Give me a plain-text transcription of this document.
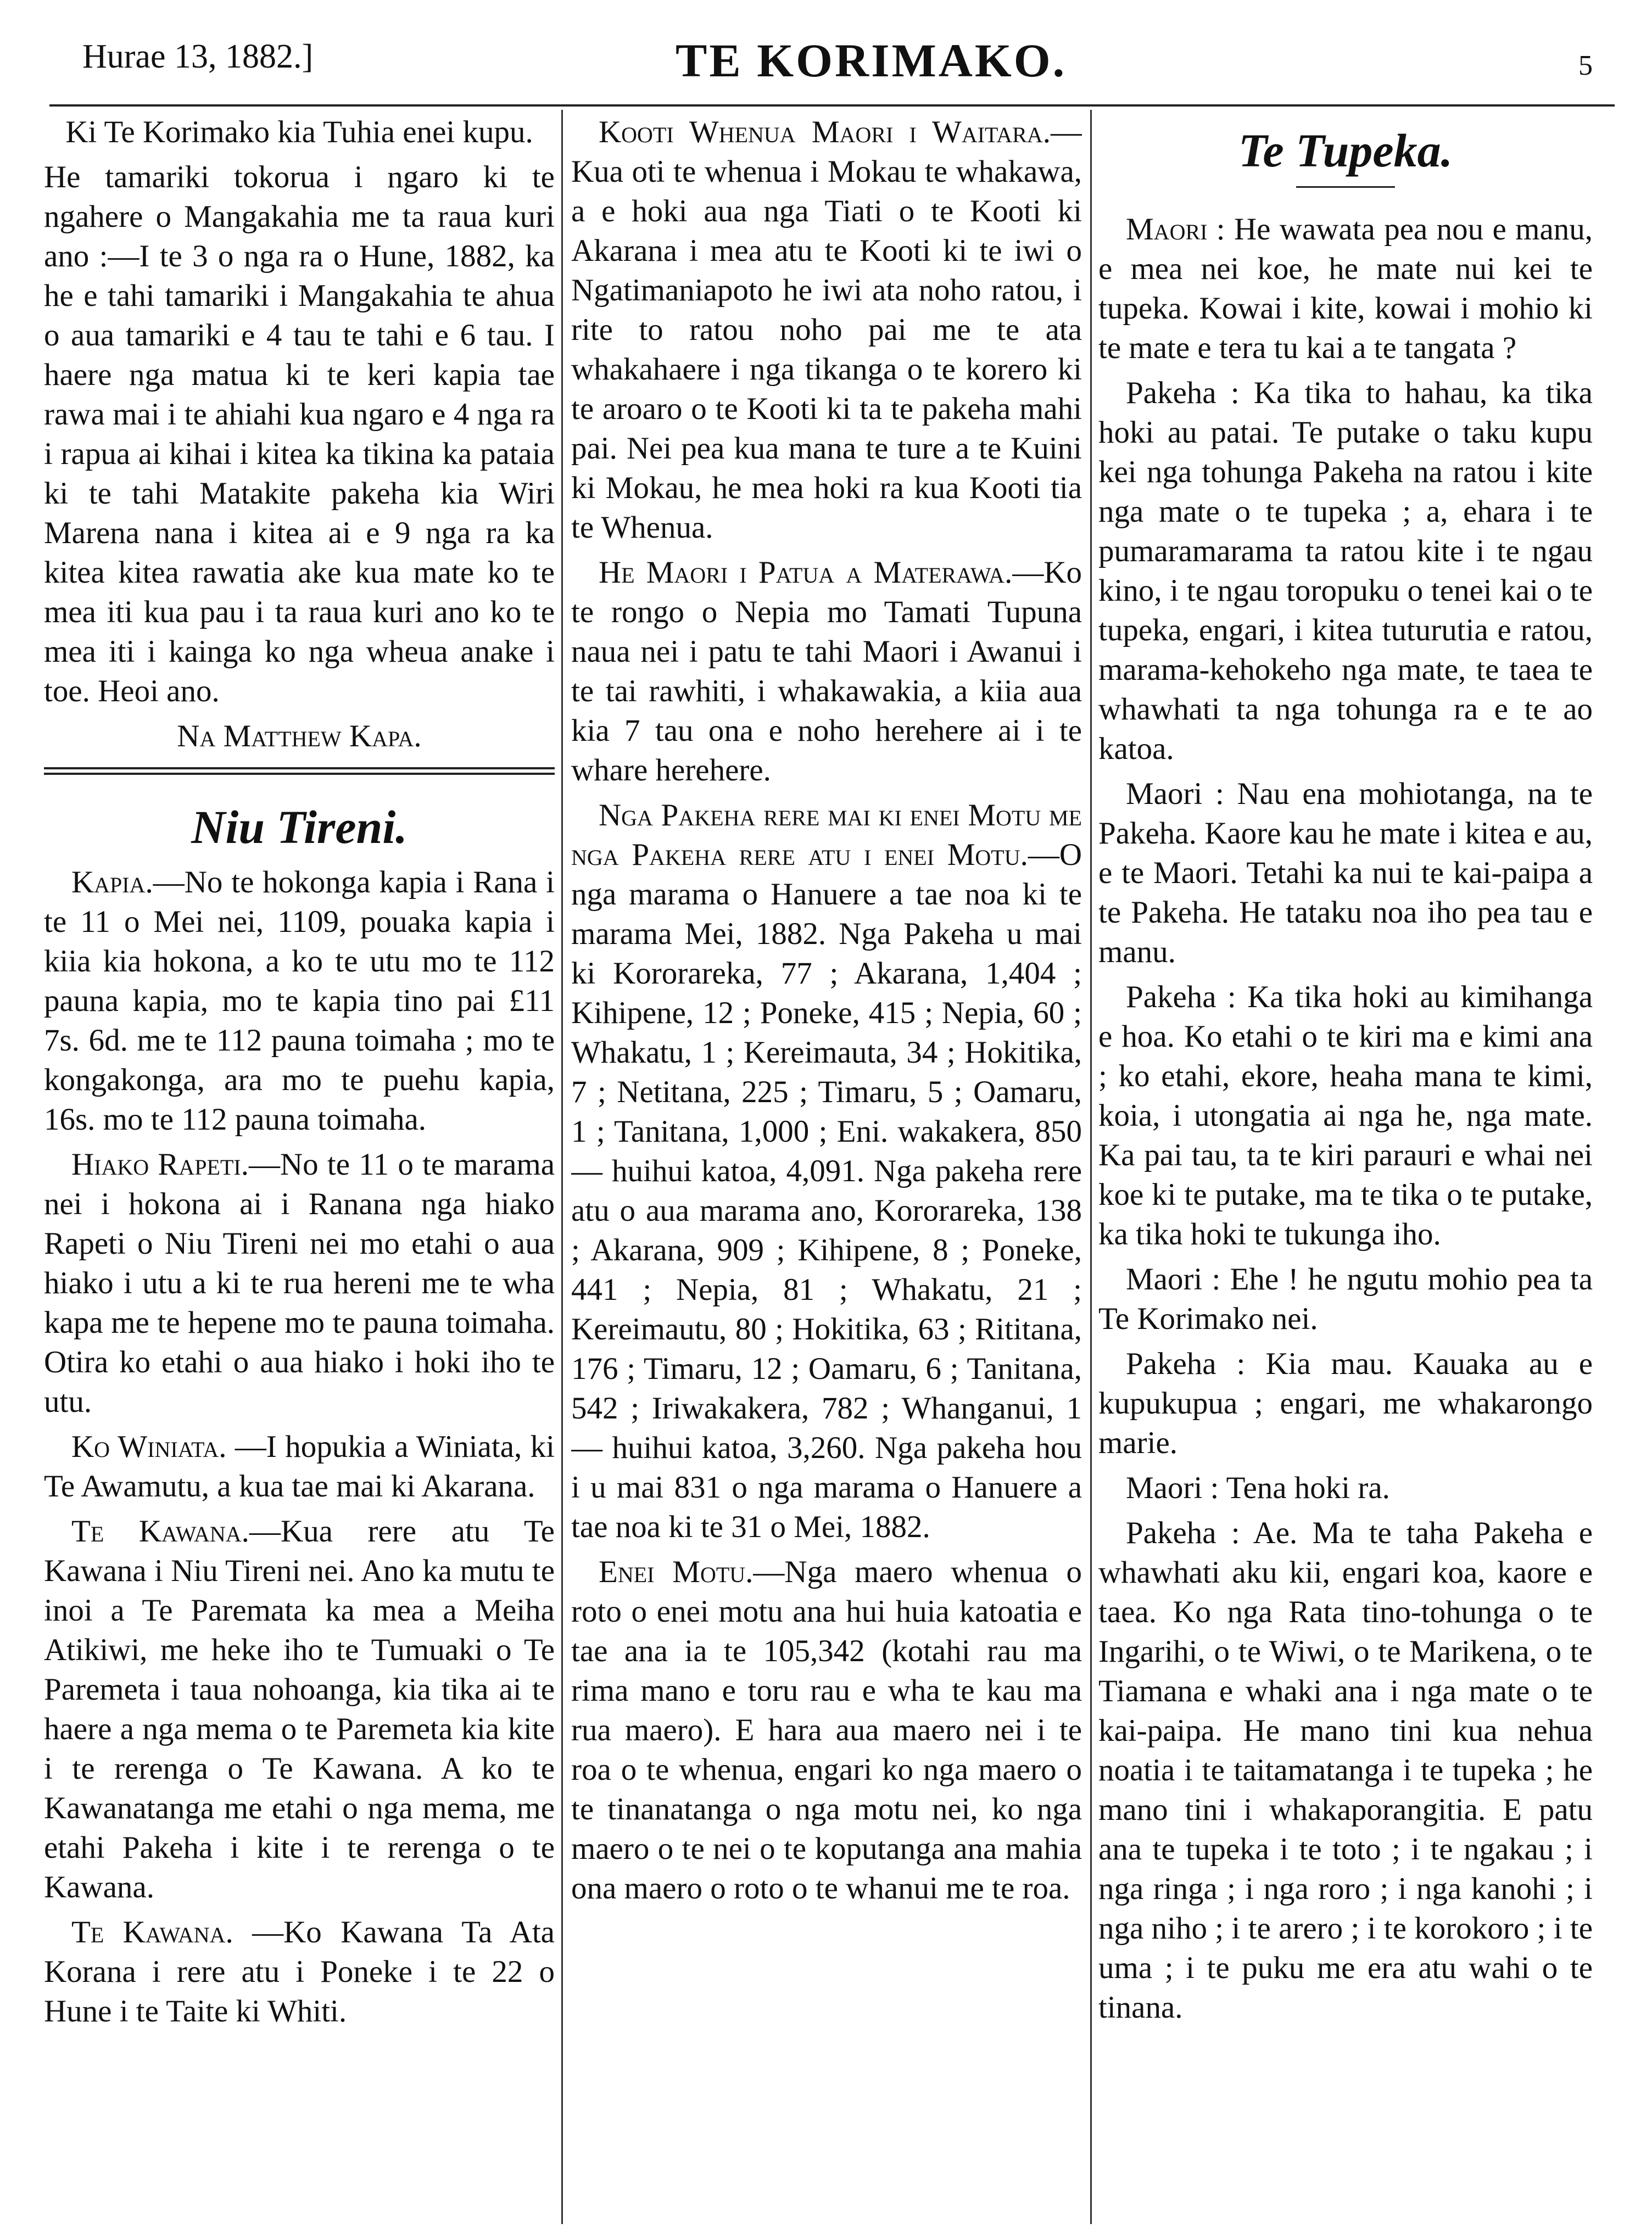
Hurae 13, 1882.]	TE KORIMAKO.	5

Ki Te Korimako kia Tuhia enei kupu.

He tamariki tokorua i ngaro ki te ngahere o Mangakahia me ta raua kuri ano :—I te 3 o nga ra o Hune, 1882, ka he e tahi tamariki i Mangakahia te ahua o aua tamariki e 4 tau te tahi e 6 tau. I haere nga matua ki te keri kapia tae rawa mai i te ahiahi kua ngaro e 4 nga ra i rapua ai kihai i kitea ka tikina ka pataia ki te tahi Matakite pakeha kia Wiri Marena nana i kitea ai e 9 nga ra ka kitea kitea rawatia ake kua mate ko te mea iti kua pau i ta raua kuri ano ko te mea iti i kainga ko nga wheua anake i toe. Heoi ano.

Na Matthew Kapa.

Niu Tireni.

Kapia.—No te hokonga kapia i Rana i te 11 o Mei nei, 1109, pouaka kapia i kiia kia hokona, a ko te utu mo te 112 pauna kapia, mo te kapia tino pai £11 7s. 6d. me te 112 pauna toimaha ; mo te kongakonga, ara mo te puehu kapia, 16s. mo te 112 pauna toimaha.

Hiako Rapeti.—No te 11 o te marama nei i hokona ai i Ranana nga hiako Rapeti o Niu Tireni nei mo etahi o aua hiako i utu a ki te rua hereni me te wha kapa me te hepene mo te pauna toimaha. Otira ko etahi o aua hiako i hoki iho te utu.

Ko Winiata. —I hopukia a Winiata, ki Te Awamutu, a kua tae mai ki Akarana.

Te Kawana.—Kua rere atu Te Kawana i Niu Tireni nei. Ano ka mutu te inoi a Te Paremata ka mea a Meiha Atikiwi, me heke iho te Tumuaki o Te Paremeta i taua nohoanga, kia tika ai te haere a nga mema o te Paremeta kia kite i te rerenga o Te Kawana. A ko te Kawanatanga me etahi o nga mema, me etahi Pakeha i kite i te rerenga o te Kawana.

Te Kawana. —Ko Kawana Ta Ata Korana i rere atu i Poneke i te 22 o Hune i te Taite ki Whiti.

Kooti Whenua Maori i Waitara.—Kua oti te whenua i Mokau te whakawa, a e hoki aua nga Tiati o te Kooti ki Akarana i mea atu te Kooti ki te iwi o Ngatimaniapoto he iwi ata noho ratou, i rite to ratou noho pai me te ata whakahaere i nga tikanga o te korero ki te aroaro o te Kooti ki ta te pakeha mahi pai. Nei pea kua mana te ture a te Kuini ki Mokau, he mea hoki ra kua Kooti tia te Whenua.

He Maori i Patua a Materawa.—Ko te rongo o Nepia mo Tamati Tupuna naua nei i patu te tahi Maori i Awanui i te tai rawhiti, i whakawakia, a kiia aua kia 7 tau ona e noho herehere ai i te whare herehere.

Nga Pakeha rere mai ki enei Motu me nga Pakeha rere atu i enei Motu.—O nga marama o Hanuere a tae noa ki te marama Mei, 1882. Nga Pakeha u mai ki Kororareka, 77 ; Akarana, 1,404 ; Kihipene, 12 ; Poneke, 415 ; Nepia, 60 ; Whakatu, 1 ; Kereimauta, 34 ; Hokitika, 7 ; Netitana, 225 ; Timaru, 5 ; Oamaru, 1 ; Tanitana, 1,000 ; Eni. wakakera, 850 — huihui katoa, 4,091. Nga pakeha rere atu o aua marama ano, Kororareka, 138 ; Akarana, 909 ; Kihipene, 8 ; Poneke, 441 ; Nepia, 81 ; Whakatu, 21 ; Kereimautu, 80 ; Hokitika, 63 ; Rititana, 176 ; Timaru, 12 ; Oamaru, 6 ; Tanitana, 542 ; Iriwakakera, 782 ; Whanganui, 1 — huihui katoa, 3,260. Nga pakeha hou i u mai 831 o nga marama o Hanuere a tae noa ki te 31 o Mei, 1882.

Enei Motu.—Nga maero whenua o roto o enei motu ana hui huia katoatia e tae ana ia te 105,342 (kotahi rau ma rima mano e toru rau e wha te kau ma rua maero). E hara aua maero nei i te roa o te whenua, engari ko nga maero o te tinanatanga o nga motu nei, ko nga maero o te nei o te koputanga ana mahia ona maero o roto o te whanui me te roa.

Te Tupeka.

Maori : He wawata pea nou e manu, e mea nei koe, he mate nui kei te tupeka. Kowai i kite, kowai i mohio ki te mate e tera tu kai a te tangata ?

Pakeha : Ka tika to hahau, ka tika hoki au patai. Te putake o taku kupu kei nga tohunga Pakeha na ratou i kite nga mate o te tupeka ; a, ehara i te pumaramarama ta ratou kite i te ngau kino, i te ngau toropuku o tenei kai o te tupeka, engari, i kitea tuturutia e ratou, marama-kehokeho nga mate, te taea te whawhati ta nga tohunga ra e te ao katoa.

Maori : Nau ena mohiotanga, na te Pakeha. Kaore kau he mate i kitea e au, e te Maori. Tetahi ka nui te kai-paipa a te Pakeha. He tataku noa iho pea tau e manu.

Pakeha : Ka tika hoki au kimihanga e hoa. Ko etahi o te kiri ma e kimi ana ; ko etahi, ekore, heaha mana te kimi, koia, i utongatia ai nga he, nga mate. Ka pai tau, ta te kiri parauri e whai nei koe ki te putake, ma te tika o te putake, ka tika hoki te tukunga iho.

Maori : Ehe ! he ngutu mohio pea ta Te Korimako nei.

Pakeha : Kia mau. Kauaka au e kupukupua ; engari, me whakarongo marie.

Maori : Tena hoki ra.

Pakeha : Ae. Ma te taha Pakeha e whawhati aku kii, engari koa, kaore e taea. Ko nga Rata tino-tohunga o te Ingarihi, o te Wiwi, o te Marikena, o te Tiamana e whaki ana i nga mate o te kai-paipa. He mano tini kua nehua noatia i te taitamatanga i te tupeka ; he mano tini i whakaporangitia. E patu ana te tupeka i te toto ; i te ngakau ; i nga ringa ; i nga roro ; i nga kanohi ; i nga niho ; i te arero ; i te korokoro ; i te uma ; i te puku me era atu wahi o te tinana.
